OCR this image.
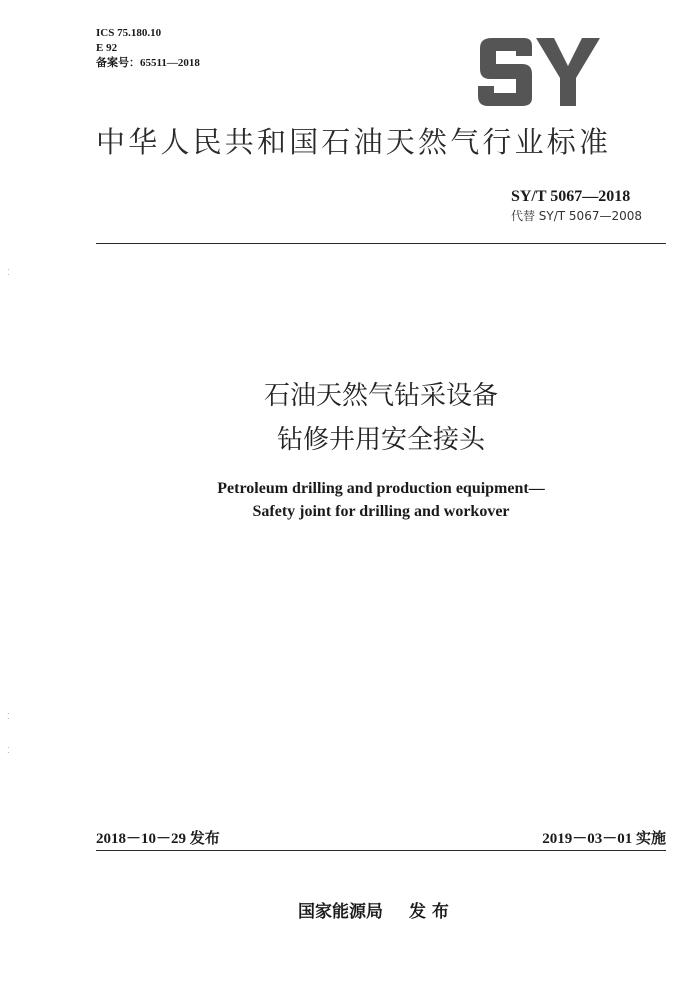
ICS 75.180.10
E 92
备案号：65511—2018
中华人民共和国石油天然气行业标准
SY/T 5067—2018
代替 SY/T 5067—2008
石油天然气钻采设备
钻修井用安全接头
Petroleum drilling and production equipment—
Safety joint for drilling and workover
2018－10－29 发布	2019－03－01 实施
国家能源局 发 布
⁚
⁚
⁚
